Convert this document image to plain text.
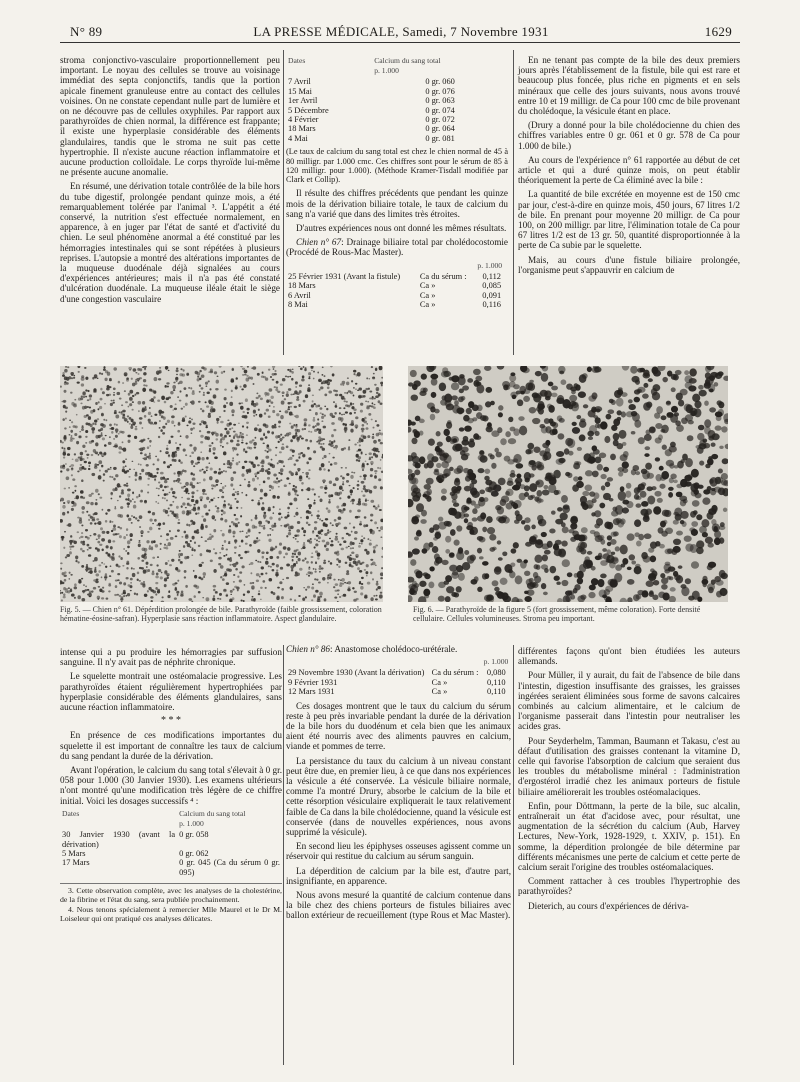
N° 89	LA PRESSE MÉDICALE, Samedi, 7 Novembre 1931	1629

stroma conjonctivo-vasculaire proportionnellement peu important. Le noyau des cellules se trouve au voisinage immédiat des septa conjonctifs, tandis que la portion apicale finement granuleuse entre au contact des cellules voisines. On ne constate cependant nulle part de lumière et on ne découvre pas de cellules oxyphiles. Par rapport aux parathyroïdes de chien normal, la différence est frappante; il existe une hyperplasie considérable des éléments glandulaires, tandis que le stroma ne suit pas cette hypertrophie. Il n'existe aucune réaction inflammatoire et aucune production colloïdale. Le corps thyroïde lui-même ne présente aucune anomalie.

En résumé, une dérivation totale contrôlée de la bile hors du tube digestif, prolongée pendant quinze mois, a été remarquablement tolérée par l'animal ³. L'appétit a été conservé, la nutrition s'est effectuée normalement, en apparence, à en juger par l'état de santé et d'activité du chien. Le seul phénomène anormal a été constitué par les hémorragies intestinales qui se sont répétées à plusieurs reprises. L'autopsie a montré des altérations importantes de la muqueuse duodénale déjà signalées au cours d'expériences antérieures; mais il n'a pas été constaté d'ulcération duodénale. La muqueuse iléale était le siège d'une congestion vasculaire

Dates	Calcium du sang total
	p. 1.000
7 Avril	0 gr. 060
15 Mai	0 gr. 076
1er Avril	0 gr. 063
5 Décembre	0 gr. 074
4 Février	0 gr. 072
18 Mars	0 gr. 064
4 Mai	0 gr. 081

(Le taux de calcium du sang total est chez le chien normal de 45 à 80 milligr. par 1.000 cmc. Ces chiffres sont pour le sérum de 85 à 120 milligr. pour 1.000). (Méthode Kramer-Tisdall modifiée par Clark et Collip).

Il résulte des chiffres précédents que pendant les quinze mois de la dérivation biliaire totale, le taux de calcium du sang n'a varié que dans des limites très étroites.

D'autres expériences nous ont donné les mêmes résultats.

Chien n° 67: Drainage biliaire total par cholédocostomie (Procédé de Rous-Mac Master).

		p. 1.000
25 Février 1931 (Avant la fistule)	Ca du sérum :	0,112
18 Mars	Ca »	0,085
6 Avril	Ca »	0,091
8 Mai	Ca »	0,116

En ne tenant pas compte de la bile des deux premiers jours après l'établissement de la fistule, bile qui est rare et beaucoup plus foncée, plus riche en pigments et en sels minéraux que celle des jours suivants, nous avons trouvé entre 10 et 19 milligr. de Ca pour 100 cmc de bile provenant du cholédoque, la vésicule étant en place.

(Drury a donné pour la bile cholédocienne du chien des chiffres variables entre 0 gr. 061 et 0 gr. 578 de Ca pour 1.000 de bile.)

Au cours de l'expérience n° 61 rapportée au début de cet article et qui a duré quinze mois, on peut établir théoriquement la perte de Ca éliminé avec la bile :

La quantité de bile excrétée en moyenne est de 150 cmc par jour, c'est-à-dire en quinze mois, 450 jours, 67 litres 1/2 de bile. En prenant pour moyenne 20 milligr. de Ca pour 100, on 200 milligr. par litre, l'élimination totale de Ca pour 67 litres 1/2 est de 13 gr. 50, quantité disproportionnée à la perte de Ca subie par le squelette.

Mais, au cours d'une fistule biliaire prolongée, l'organisme peut s'appauvrir en calcium de

Fig. 5. — Chien n° 61. Dépérdition prolongée de bile. Parathyroïde (faible grossissement, coloration hématine-éosine-safran). Hyperplasie sans réaction inflammatoire. Aspect glandulaire.
Fig. 6. — Parathyroïde de la figure 5 (fort grossissement, même coloration). Forte densité cellulaire. Cellules volumineuses. Stroma peu important.

intense qui a pu produire les hémorragies par suffusion sanguine. Il n'y avait pas de néphrite chronique.

Le squelette montrait une ostéomalacie progressive. Les parathyroïdes étaient régulièrement hypertrophiées par hyperplasie considérable des éléments glandulaires, sans aucune réaction inflammatoire.

* * *

En présence de ces modifications importantes du squelette il est important de connaître les taux de calcium du sang pendant la durée de la dérivation.

Avant l'opération, le calcium du sang total s'élevait à 0 gr. 058 pour 1.000 (30 Janvier 1930). Les examens ultérieurs n'ont montré qu'une modification très légère de ce chiffre initial. Voici les dosages successifs ⁴ :

Dates	Calcium du sang total
	p. 1.000
30 Janvier 1930 (avant la dérivation)	0 gr. 058
5 Mars	0 gr. 062
17 Mars	0 gr. 045 (Ca du sérum 0 gr. 095)

3. Cette observation complète, avec les analyses de la cholestérine, de la fibrine et l'état du sang, sera publiée prochainement.

4. Nous tenons spécialement à remercier Mlle Maurel et le Dr M. Loiseleur qui ont pratiqué ces analyses délicates.

Chien n° 86: Anastomose cholédoco-urétérale.

		p. 1.000
29 Novembre 1930 (Avant la dérivation)	Ca du sérum :	0,080
9 Février 1931	Ca »	0,110
12 Mars 1931	Ca »	0,110

Ces dosages montrent que le taux du calcium du sérum reste à peu près invariable pendant la durée de la dérivation de la bile hors du duodénum et cela bien que les animaux aient été nourris avec des aliments pauvres en calcium, viande et pommes de terre.

La persistance du taux du calcium à un niveau constant peut être due, en premier lieu, à ce que dans nos expériences la vésicule a été conservée. La vésicule biliaire normale, comme l'a montré Drury, absorbe le calcium de la bile et cette résorption vésiculaire expliquerait le taux relativement faible de Ca dans la bile cholédocienne, quand la vésicule est conservée (dans de nouvelles expériences, nous avons supprimé la vésicule).

En second lieu les épiphyses osseuses agissent comme un réservoir qui restitue du calcium au sérum sanguin.

La déperdition de calcium par la bile est, d'autre part, insignifiante, en apparence.

Nous avons mesuré la quantité de calcium contenue dans la bile chez des chiens porteurs de fistules biliaires avec ballon extérieur de recueillement (type Rous et Mac Master).

différentes façons qu'ont bien étudiées les auteurs allemands.

Pour Müller, il y aurait, du fait de l'absence de bile dans l'intestin, digestion insuffisante des graisses, les graisses ingérées seraient éliminées sous forme de savons calcaires combinés au calcium alimentaire, et le calcium de l'organisme passerait dans l'intestin pour neutraliser les acides gras.

Pour Seyderhelm, Tamman, Baumann et Takasu, c'est au défaut d'utilisation des graisses contenant la vitamine D, celle qui favorise l'absorption de calcium que seraient dus les troubles du métabolisme minéral : l'administration d'ergostérol irradié chez les animaux porteurs de fistule biliaire améliorerait les troubles ostéomalaciques.

Enfin, pour Döttmann, la perte de la bile, suc alcalin, entraînerait un état d'acidose avec, pour résultat, une augmentation de la sécrétion du calcium (Aub, Harvey Lectures, New-York, 1928-1929, t. XXIV, p. 151). En somme, la déperdition prolongée de bile détermine par différents mécanismes une perte de calcium et cette perte de calcium serait l'origine des troubles ostéomalaciques.

Comment rattacher à ces troubles l'hypertrophie des parathyroïdes?

Dieterich, au cours d'expériences de dériva-
